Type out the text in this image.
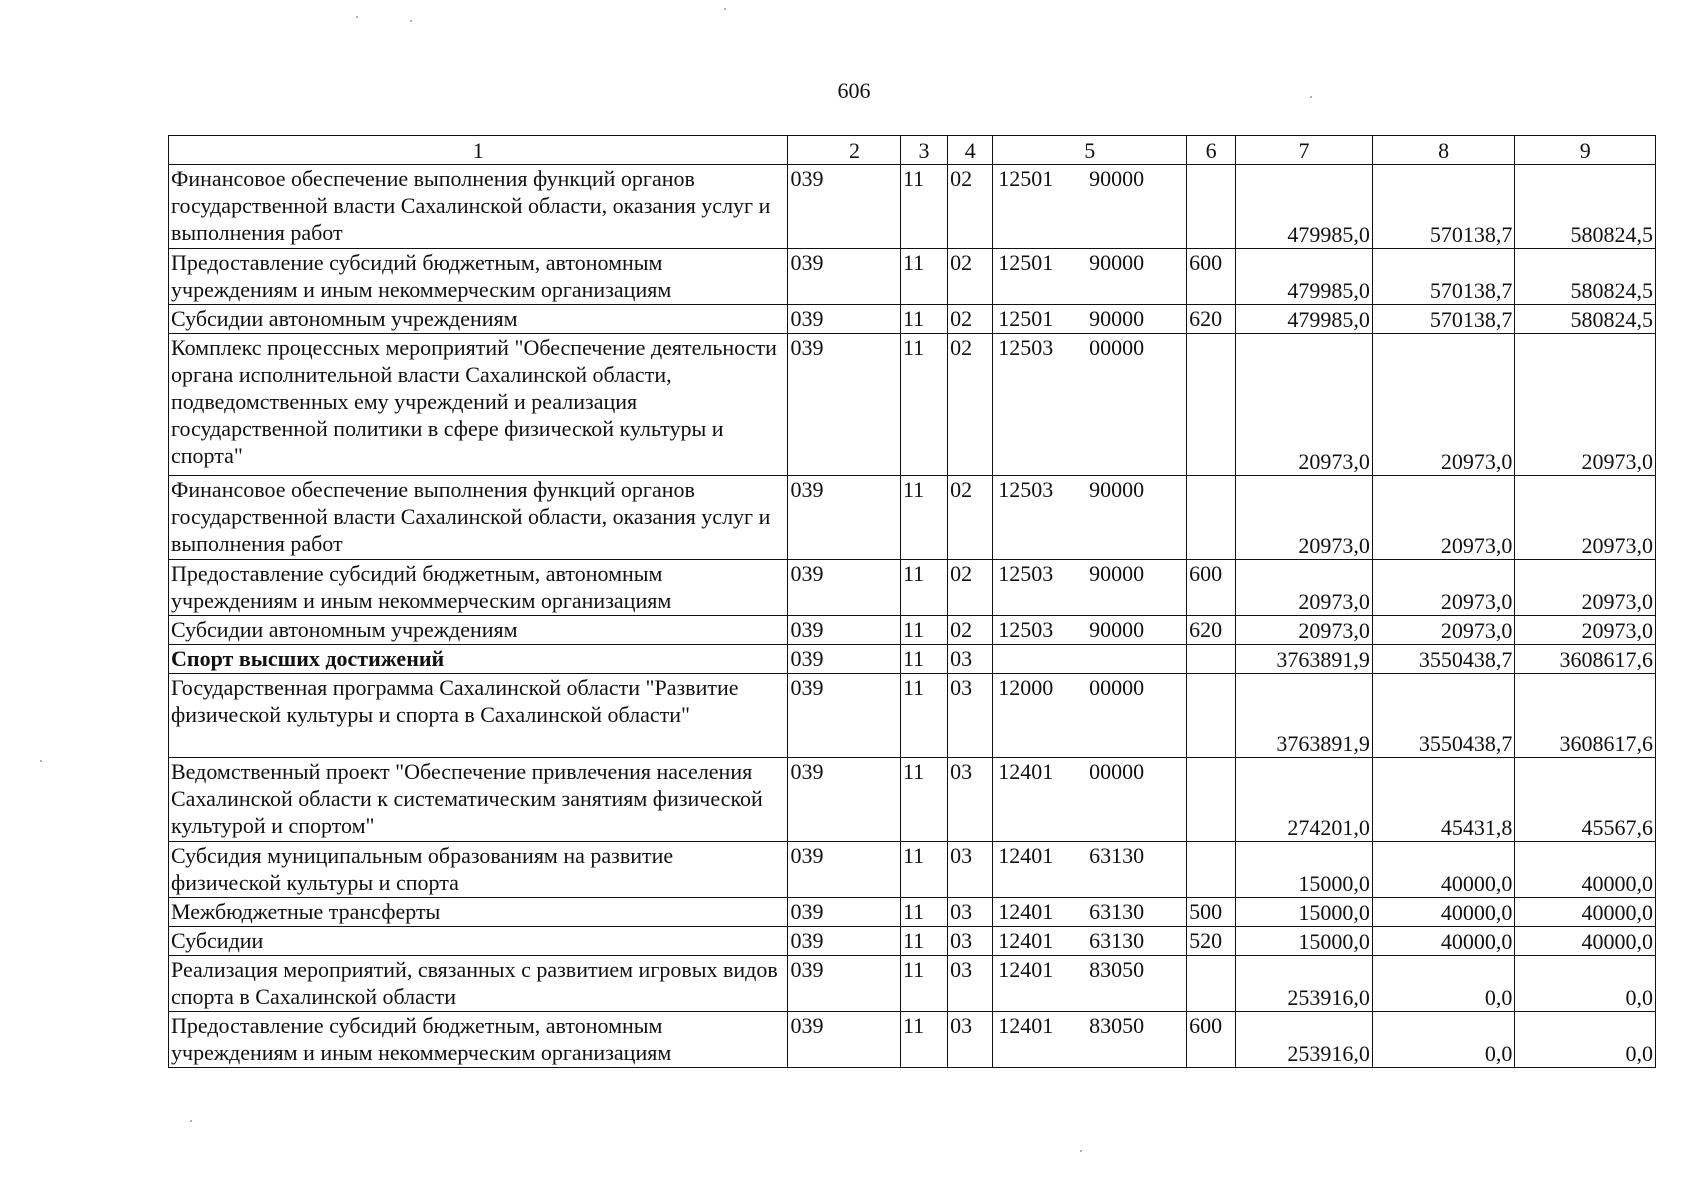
606
1	2	3	4	5	6	7	8	9
Финансовое обеспечение выполнения функций органов государственной власти Сахалинской области, оказания услуг и выполнения работ	039	11	02	12501 90000		479985,0	570138,7	580824,5
Предоставление субсидий бюджетным, автономным учреждениям и иным некоммерческим организациям	039	11	02	12501 90000	600	479985,0	570138,7	580824,5
Субсидии автономным учреждениям	039	11	02	12501 90000	620	479985,0	570138,7	580824,5
Комплекс процессных мероприятий "Обеспечение деятельности органа исполнительной власти Сахалинской области, подведомственных ему учреждений и реализация государственной политики в сфере физической культуры и спорта"	039	11	02	12503 00000		20973,0	20973,0	20973,0
Финансовое обеспечение выполнения функций органов государственной власти Сахалинской области, оказания услуг и выполнения работ	039	11	02	12503 90000		20973,0	20973,0	20973,0
Предоставление субсидий бюджетным, автономным учреждениям и иным некоммерческим организациям	039	11	02	12503 90000	600	20973,0	20973,0	20973,0
Субсидии автономным учреждениям	039	11	02	12503 90000	620	20973,0	20973,0	20973,0
Спорт высших достижений	039	11	03			3763891,9	3550438,7	3608617,6
Государственная программа Сахалинской области "Развитие физической культуры и спорта в Сахалинской области"	039	11	03	12000 00000		3763891,9	3550438,7	3608617,6
Ведомственный проект "Обеспечение привлечения населения Сахалинской области к систематическим занятиям физической культурой и спортом"	039	11	03	12401 00000		274201,0	45431,8	45567,6
Субсидия муниципальным образованиям на развитие физической культуры и спорта	039	11	03	12401 63130		15000,0	40000,0	40000,0
Межбюджетные трансферты	039	11	03	12401 63130	500	15000,0	40000,0	40000,0
Субсидии	039	11	03	12401 63130	520	15000,0	40000,0	40000,0
Реализация мероприятий, связанных с развитием игровых видов спорта в Сахалинской области	039	11	03	12401 83050		253916,0	0,0	0,0
Предоставление субсидий бюджетным, автономным учреждениям и иным некоммерческим организациям	039	11	03	12401 83050	600	253916,0	0,0	0,0
